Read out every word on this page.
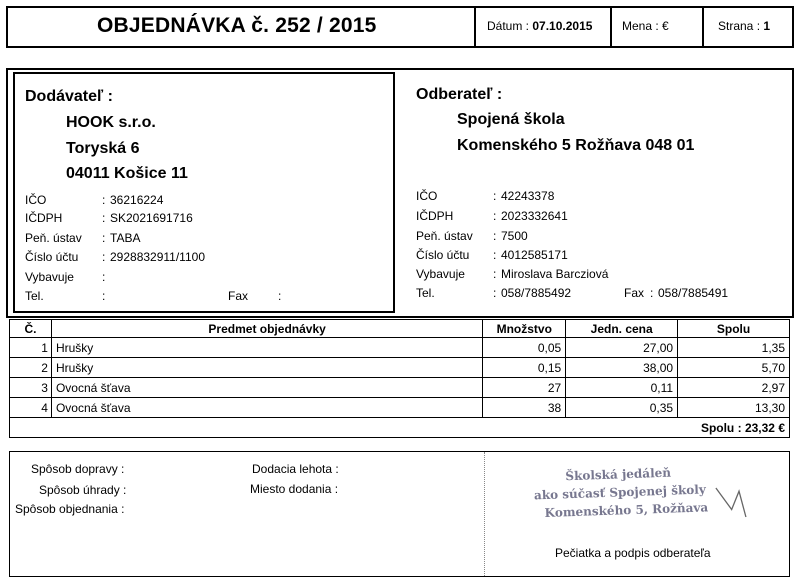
OBJEDNÁVKA č. 252 / 2015	Dátum : 07.10.2015 Mena : €	Strana : 1
Dodávateľ :
HOOK s.r.o.
Toryská 6
04011 Košice 11
IČO	: 36216224
IČDPH	: SK2021691716
Peň. ústav : TABA
Číslo účtu : 2928832911/1100
Vybavuje :
Tel.	:	Fax :
Odberateľ :
Spojená škola
Komenského 5 Rožňava 048 01
IČO	: 42243378
IČDPH	: 2023332641
Peň. ústav : 7500
Číslo účtu : 4012585171
Vybavuje : Miroslava Barcziová
Tel.	: 058/7885492	Fax : 058/7885491
Č.	Predmet objednávky	Množstvo	Jedn. cena	Spolu
1	Hrušky	0,05	27,00	1,35
2	Hrušky	0,15	38,00	5,70
3	Ovocná šťava	27	0,11	2,97
4	Ovocná šťava	38	0,35	13,30
Spolu : 23,32 €				
Spôsob dopravy :
Spôsob úhrady :
Spôsob objednania :
Dodacia lehota :
Miesto dodania :
Školská jedáleň
ako súčasť Spojenej školy
Komenského 5, Rožňava
Pečiatka a podpis odberateľa
